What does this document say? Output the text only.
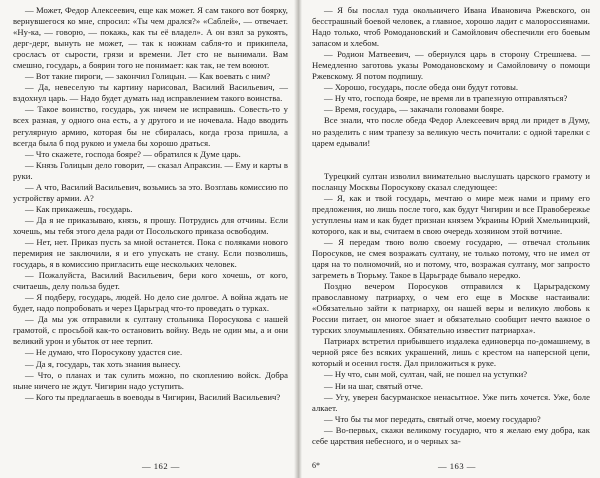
— Может, Федор Алексеевич, еще как может. Я сам такого вот боярку, вернувшегося ко мне, спросил: «Ты чем дрался?» «Саблей», — отвечает. «Ну-ка, — говорю, — покажь, как ты её владел». А он взял за рукоять, дерг-дерг, вынуть не может, — так к ножнам сабля-то и прикипела, сросласъ от сырости, грязи и времени. Лет сто не вынимали. Вам смешно, государь, а боярин того не понимает: как так, не тем воюют.

— Вот такие пироги, — закончил Голицын. — Как воевать с ним?

— Да, невеселую ты картину нарисовал, Василий Васильевич, — вздохнул царь. — Надо будет думать над исправлением такого воинства.

— Такое воинство, государь, уж ничем не исправишь. Совесть-то у всех разная, у одного она есть, а у другого и не ночевала. Надо вводить регулярную армию, которая бы не сбиралась, когда гроза пришла, а всегда была б под рукою и умела бы хорошо драться.

— Что скажете, господа бояре? — обратился к Думе царь.

— Князь Голицын дело говорит, — сказал Апраксин. — Ему и карты в руки.

— А что, Василий Васильевич, возьмись за это. Возглавь комиссию по устройству армии. А?

— Как прикажешь, государь.

— Да я не приказываю, князь, я прошу. Потрудись для отчины. Если хочешь, мы тебя этого дела ради от Посольского приказа освободим.

— Нет, нет. Приказ пусть за мной останется. Пока с поляками нового перемирия не заключили, я и его упускать не стану. Если позволишь, государь, я в комиссию пригласить еще нескольких человек.

— Пожалуйста, Василий Васильевич, бери кого хочешь, от кого, считаешь, делу польза будет.

— Я подберу, государь, людей. Но дело сие долгое. А война ждать не будет, надо попробовать и через Царьград что-то проведать о турках.

— Да мы уж отправили к султану стольника Поросукова с нашей грамотой, с просьбой как-то остановить войну. Ведь не один мы, а и они великий урон и убыток от нее терпит.

— Не думаю, что Поросукову удастся сие.

— Да я, государь, так хоть знания вынесу.

— Что, о планах и так сулить можно, по скоплению войск. Добра ныне ничего не ждут. Чигирин надо уступить.

— Кого ты предлагаешь в воеводы в Чигирин, Василий Васильевич?

— 162 —

— Я бы послал туда окольничего Ивана Ивановича Ржевского, он бесстрашный боевой человек, а главное, хорошо ладит с малороссиянами. Надо только, чтоб Ромодановский и Самойлович обеспечили его боевым запасом и хлебом.

— Родион Матвеевич, — обернулся царь в сторону Стрешнева. — Немедленно заготовь указы Ромодановскому и Самойловичу о помощи Ржевскому. Я потом подпишу.

— Хорошо, государь, после обеда они будут готовы.

— Ну что, господа бояре, не время ли в трапезную отправляться?

— Время, государь, — закачали головами бояре.

Все знали, что после обеда Федор Алексеевич вряд ли придет в Думу, но разделить с ним трапезу за великую честь почитали: с одной тарелки с царем едывали!

Турецкий султан изволил внимательно выслушать царского грамоту и посланцу Москвы Поросукову сказал следующее:

— Я, как и твой государь, мечтаю о мире меж нами и приму его предложения, но лишь после того, как будут Чигирин и все Правобережье уступлены нам и как будет признан князем Украины Юрий Хмельницкий, которого, как и вы, считаем в свою очередь хозяином этой вотчине.

— Я передам твою волю своему государю, — отвечал стольник Поросуков, не смея возражать султану, не только потому, что не имел от царя на то полномочий, но и потому, что, возражая султану, мог запросто загреметь в Тюрьму. Такое в Царьграде бывало нередко.

Поздно вечером Поросуков отправился к Царьградскому православному патриарху, о чем его еще в Москве настаивали: «Обязательно зайти к патриарху, он нашей веры и великую любовь к России питает, он многое знает и обязательно сообщит нечто важное о турских злоумышлениях. Обязательно известит патриарха».

Патриарх встретил прибывшего издалека единоверца по-домашнему, в черной рясе без всяких украшений, лишь с крестом на наперсной цепи, который и осенил гостя. Дал приложиться к руке.

— Ну что, сын мой, султан, чай, не пошел на уступки?

— Ни на шаг, святый отче.

— Угу, уверен басурманское ненасытное. Уже пить хочется. Уже, боле алкает.

— Что бы ты мог передать, святый отче, моему государю?

— Во-первых, скажи великому государю, что я желаю ему добра, как себе царствия небесного, и о черных за-

6*	— 163 —
